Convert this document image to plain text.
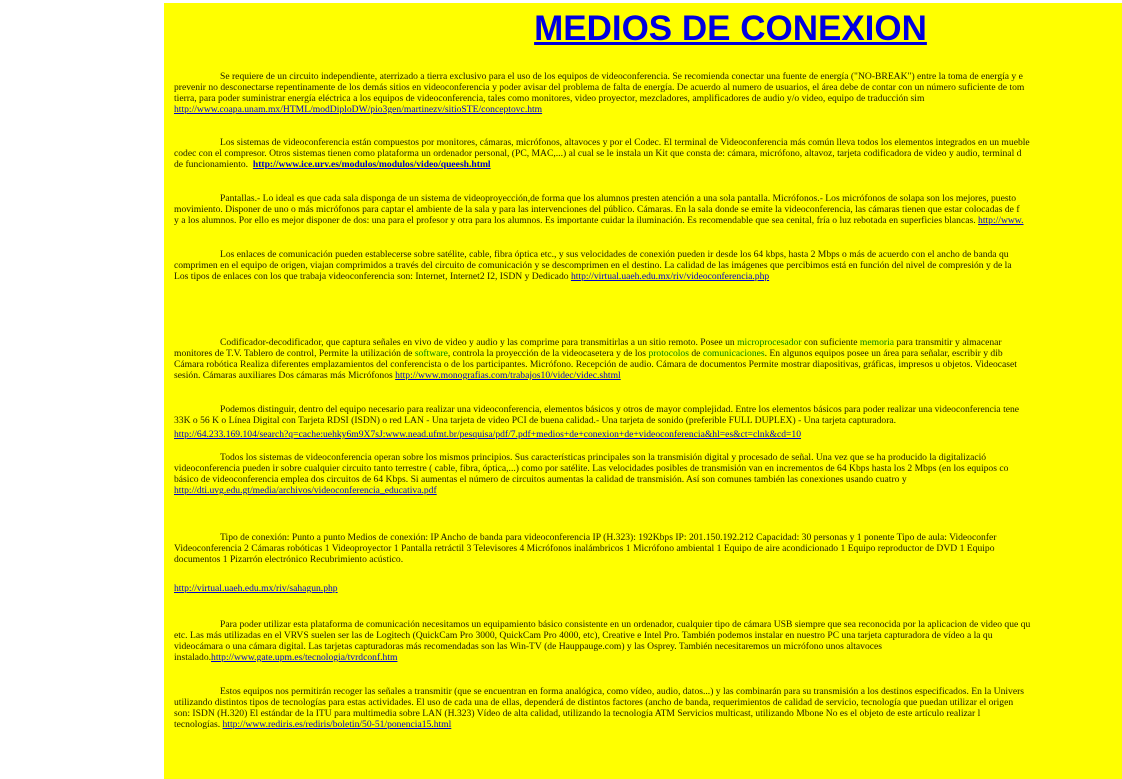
MEDIOS DE CONEXION
Se requiere de un circuito independiente, aterrizado a tierra exclusivo para el uso de los equipos de videoconferencia. Se recomienda conectar una fuente de energía ("NO-BREAK") entre la toma de energía y e
prevenir no desconectarse repentinamente de los demás sitios en videoconferencia y poder avisar del problema de falta de energía. De acuerdo al numero de usuarios, el área debe de contar con un número suficiente de tom
tierra, para poder suministrar energía eléctrica a los equipos de videoconferencia, tales como monitores, video proyector, mezcladores, amplificadores de audio y/o video, equipo de traducción sim
http://www.coapa.unam.mx/HTML/modDiploDW/pio3gen/martinezv/sitioSTE/conceptovc.htm
Los sistemas de videoconferencia están compuestos por monitores, cámaras, micrófonos, altavoces y por el Codec. El terminal de Videoconferencia más común lleva todos los elementos integrados en un mueble
codec con el compresor. Otros sistemas tienen como plataforma un ordenador personal, (PC, MAC,...) al cual se le instala un Kit que consta de: cámara, micrófono, altavoz, tarjeta codificadora de video y audio, terminal d
de funcionamiento. http://www.ice.urv.es/modulos/modulos/video/queesh.html
Pantallas.- Lo ideal es que cada sala disponga de un sistema de videoproyección,de forma que los alumnos presten atención a una sola pantalla. Micrófonos.- Los micrófonos de solapa son los mejores, puesto
movimiento. Disponer de uno o más micrófonos para captar el ambiente de la sala y para las intervenciones del público. Cámaras. En la sala donde se emite la videoconferencia, las cámaras tienen que estar colocadas de f
y a los alumnos. Por ello es mejor disponer de dos: una para el profesor y otra para los alumnos. Es importante cuidar la iluminación. Es recomendable que sea cenital, fría o luz rebotada en superficies blancas. http://www.
Los enlaces de comunicación pueden establecerse sobre satélite, cable, fibra óptica etc., y sus velocidades de conexión pueden ir desde los 64 kbps, hasta 2 Mbps o más de acuerdo con el ancho de banda qu
comprimen en el equipo de origen, viajan comprimidos a través del circuito de comunicación y se descomprimen en el destino. La calidad de las imágenes que percibimos está en función del nivel de compresión y de la
Los tipos de enlaces con los que trabaja videoconferencia son: Internet, Internet2 I2, ISDN y Dedicado http://virtual.uaeh.edu.mx/riv/videoconferencia.php
Codificador-decodificador, que captura señales en vivo de video y audio y las comprime para transmitirlas a un sitio remoto. Posee un microprocesador con suficiente memoria para transmitir y almacenar
monitores de T.V. Tablero de control, Permite la utilización de software, controla la proyección de la videocasetera y de los protocolos de comunicaciones. En algunos equipos posee un área para señalar, escribir y dib
Cámara robótica Realiza diferentes emplazamientos del conferencista o de los participantes. Micrófono. Recepción de audio. Cámara de documentos Permite mostrar diapositivas, gráficas, impresos u objetos. Videocaset
sesión. Cámaras auxiliares Dos cámaras más Micrófonos http://www.monografias.com/trabajos10/videc/videc.shtml
Podemos distinguir, dentro del equipo necesario para realizar una videoconferencia, elementos básicos y otros de mayor complejidad. Entre los elementos básicos para poder realizar una videoconferencia tene
33K o 56 K o Línea Digital con Tarjeta RDSI (ISDN) o red LAN - Una tarjeta de video PCI de buena calidad.- Una tarjeta de sonido (preferible FULL DUPLEX) - Una tarjeta capturadora.
http://64.233.169.104/search?q=cache:uehky6m9X7sJ:www.nead.ufmt.br/pesquisa/pdf/7.pdf+medios+de+conexion+de+videoconferencia&hl=es&ct=clnk&cd=10
Todos los sistemas de videoconferencia operan sobre los mismos principios. Sus características principales son la transmisión digital y procesado de señal. Una vez que se ha producido la digitalizació
videoconferencia pueden ir sobre cualquier circuito tanto terrestre ( cable, fibra, óptica,...) como por satélite. Las velocidades posibles de transmisión van en incrementos de 64 Kbps hasta los 2 Mbps (en los equipos co
básico de videoconferencia emplea dos circuitos de 64 Kbps. Si aumentas el número de circuitos aumentas la calidad de transmisión. Así son comunes también las conexiones usando cuatro y
http://dti.uvg.edu.gt/media/archivos/videoconferencia_educativa.pdf
Tipo de conexión: Punto a punto Medios de conexión: IP Ancho de banda para videoconferencia IP (H.323): 192Kbps IP: 201.150.192.212 Capacidad: 30 personas y 1 ponente Tipo de aula: Videoconfer
Videoconferencia 2 Cámaras robóticas 1 Videoproyector 1 Pantalla retráctil 3 Televisores 4 Micrófonos inalámbricos 1 Micrófono ambiental 1 Equipo de aire acondicionado 1 Equipo reproductor de DVD 1 Equipo
documentos 1 Pizarrón electrónico Recubrimiento acústico.
http://virtual.uaeh.edu.mx/riv/sahagun.php
Para poder utilizar esta plataforma de comunicación necesitamos un equipamiento básico consistente en un ordenador, cualquier tipo de cámara USB siempre que sea reconocida por la aplicacion de video que qu
etc. Las más utilizadas en el VRVS suelen ser las de Logitech (QuickCam Pro 3000, QuickCam Pro 4000, etc), Creative e Intel Pro. También podemos instalar en nuestro PC una tarjeta capturadora de vídeo a la qu
videocámara o una cámara digital. Las tarjetas capturadoras más recomendadas son las Win-TV (de Hauppauge.com) y las Osprey. También necesitaremos un micrófono unos altavoces
instalado.http://www.gate.upm.es/tecnologia/tvrdconf.htm
Estos equipos nos permitirán recoger las señales a transmitir (que se encuentran en forma analógica, como vídeo, audio, datos...) y las combinarán para su transmisión a los destinos especificados. En la Univers
utilizando distintos tipos de tecnologías para estas actividades. El uso de cada una de ellas, dependerá de distintos factores (ancho de banda, requerimientos de calidad de servicio, tecnología que puedan utilizar el origen
son: ISDN (H.320) El estándar de la ITU para multimedia sobre LAN (H.323) Vídeo de alta calidad, utilizando la tecnología ATM Servicios multicast, utilizando Mbone No es el objeto de este artículo realizar l
tecnologías. http://www.rediris.es/rediris/boletin/50-51/ponencia15.html
